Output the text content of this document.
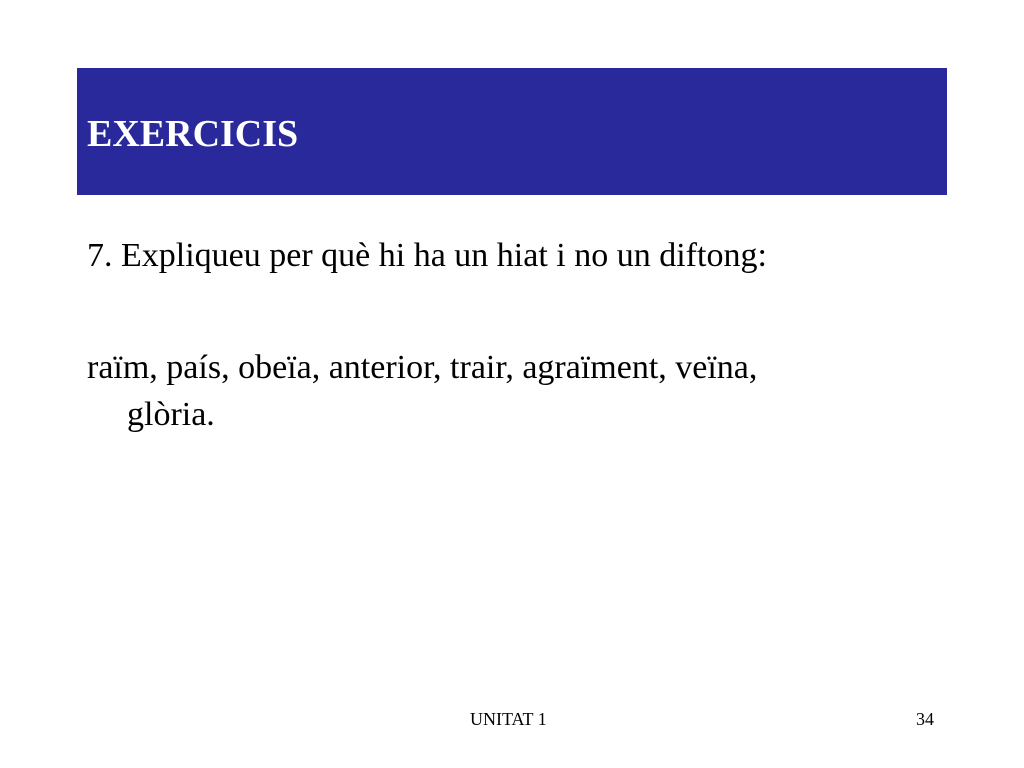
EXERCICIS
7. Expliqueu per què hi ha un hiat i no un diftong:
raïm, país, obeïa, anterior, trair, agraïment, veïna,
glòria.
UNITAT 1	34
